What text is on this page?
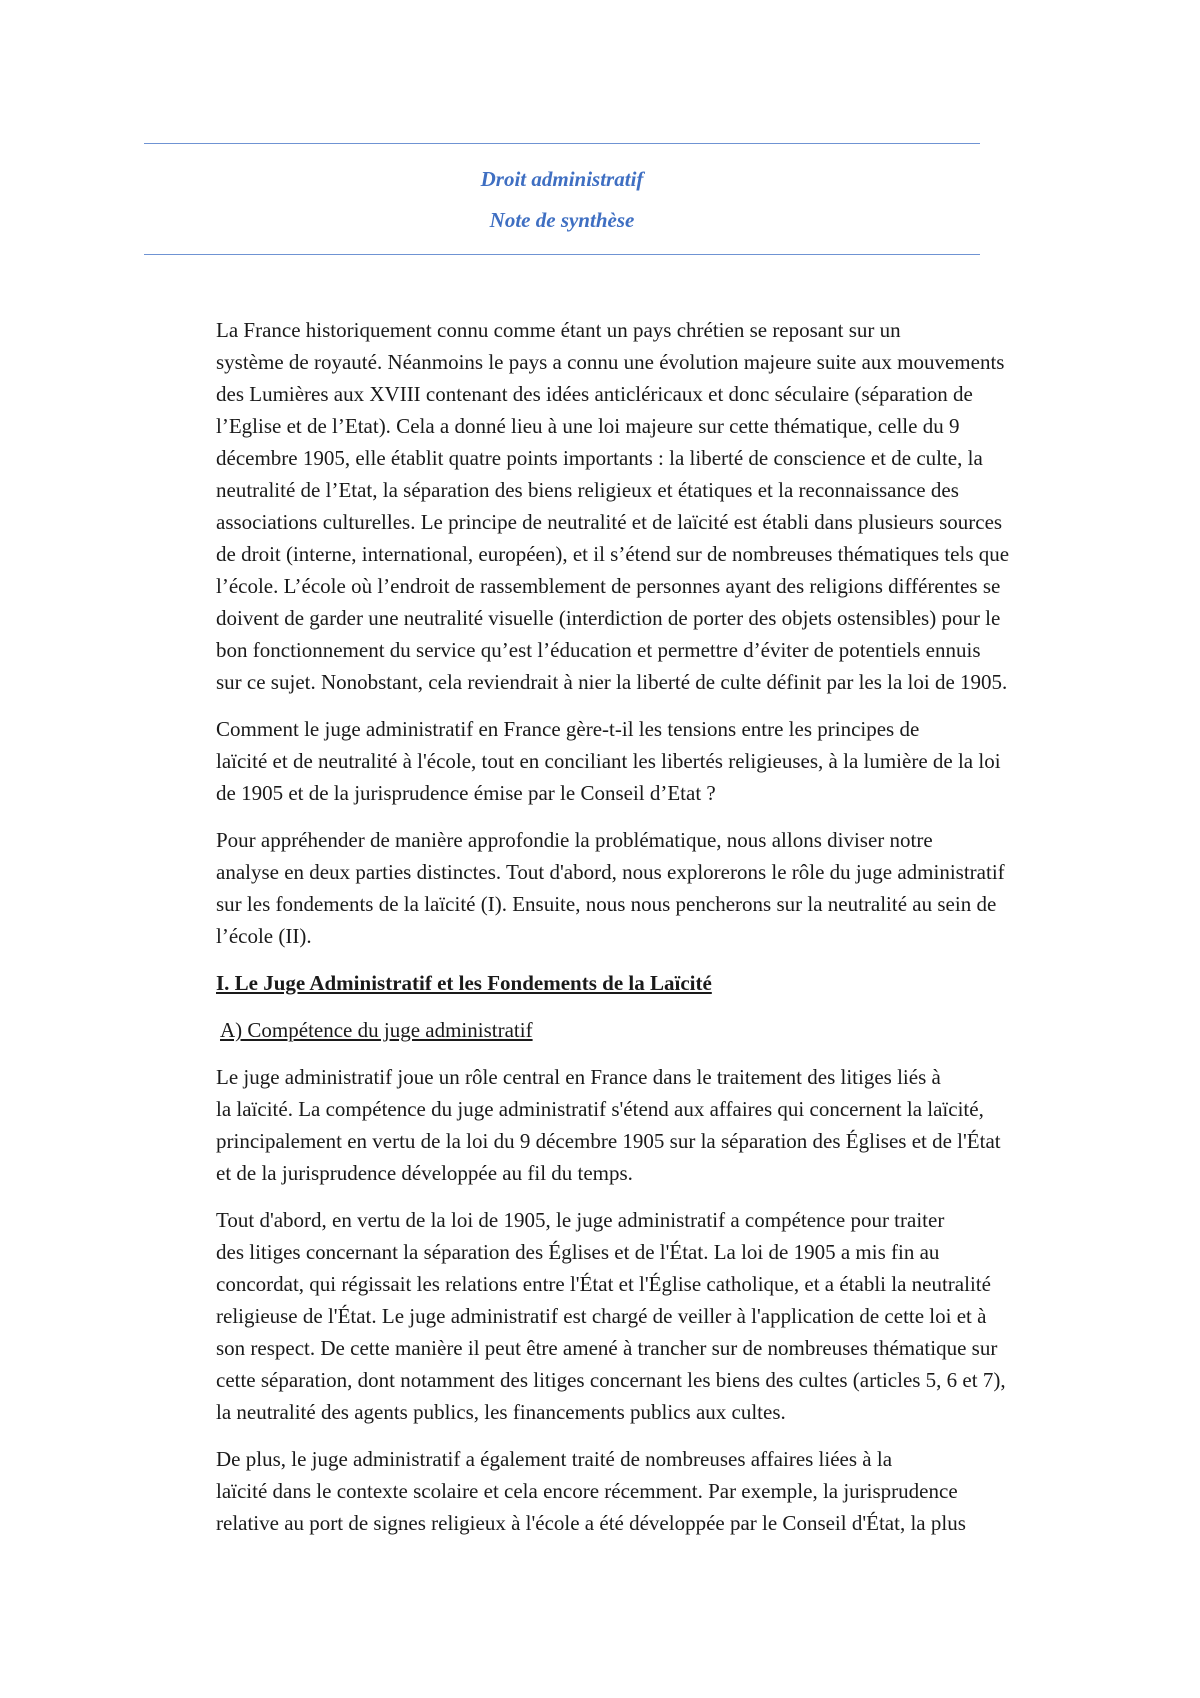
Droit administratif
Note de synthèse

La France historiquement connu comme étant un pays chrétien se reposant sur un
système de royauté. Néanmoins le pays a connu une évolution majeure suite aux mouvements
des Lumières aux XVIII contenant des idées anticléricaux et donc séculaire (séparation de
l’Eglise et de l’Etat). Cela a donné lieu à une loi majeure sur cette thématique, celle du 9
décembre 1905, elle établit quatre points importants : la liberté de conscience et de culte, la
neutralité de l’Etat, la séparation des biens religieux et étatiques et la reconnaissance des
associations culturelles. Le principe de neutralité et de laïcité est établi dans plusieurs sources
de droit (interne, international, européen), et il s’étend sur de nombreuses thématiques tels que
l’école. L’école où l’endroit de rassemblement de personnes ayant des religions différentes se
doivent de garder une neutralité visuelle (interdiction de porter des objets ostensibles) pour le
bon fonctionnement du service qu’est l’éducation et permettre d’éviter de potentiels ennuis
sur ce sujet. Nonobstant, cela reviendrait à nier la liberté de culte définit par les la loi de 1905.

Comment le juge administratif en France gère-t-il les tensions entre les principes de
laïcité et de neutralité à l'école, tout en conciliant les libertés religieuses, à la lumière de la loi
de 1905 et de la jurisprudence émise par le Conseil d’Etat ?

Pour appréhender de manière approfondie la problématique, nous allons diviser notre
analyse en deux parties distinctes. Tout d'abord, nous explorerons le rôle du juge administratif
sur les fondements de la laïcité (I). Ensuite, nous nous pencherons sur la neutralité au sein de
l’école (II).

I. Le Juge Administratif et les Fondements de la Laïcité
A) Compétence du juge administratif

Le juge administratif joue un rôle central en France dans le traitement des litiges liés à
la laïcité. La compétence du juge administratif s'étend aux affaires qui concernent la laïcité,
principalement en vertu de la loi du 9 décembre 1905 sur la séparation des Églises et de l'État
et de la jurisprudence développée au fil du temps.

Tout d'abord, en vertu de la loi de 1905, le juge administratif a compétence pour traiter
des litiges concernant la séparation des Églises et de l'État. La loi de 1905 a mis fin au
concordat, qui régissait les relations entre l'État et l'Église catholique, et a établi la neutralité
religieuse de l'État. Le juge administratif est chargé de veiller à l'application de cette loi et à
son respect. De cette manière il peut être amené à trancher sur de nombreuses thématique sur
cette séparation, dont notamment des litiges concernant les biens des cultes (articles 5, 6 et 7),
la neutralité des agents publics, les financements publics aux cultes.

De plus, le juge administratif a également traité de nombreuses affaires liées à la
laïcité dans le contexte scolaire et cela encore récemment. Par exemple, la jurisprudence
relative au port de signes religieux à l'école a été développée par le Conseil d'État, la plus
